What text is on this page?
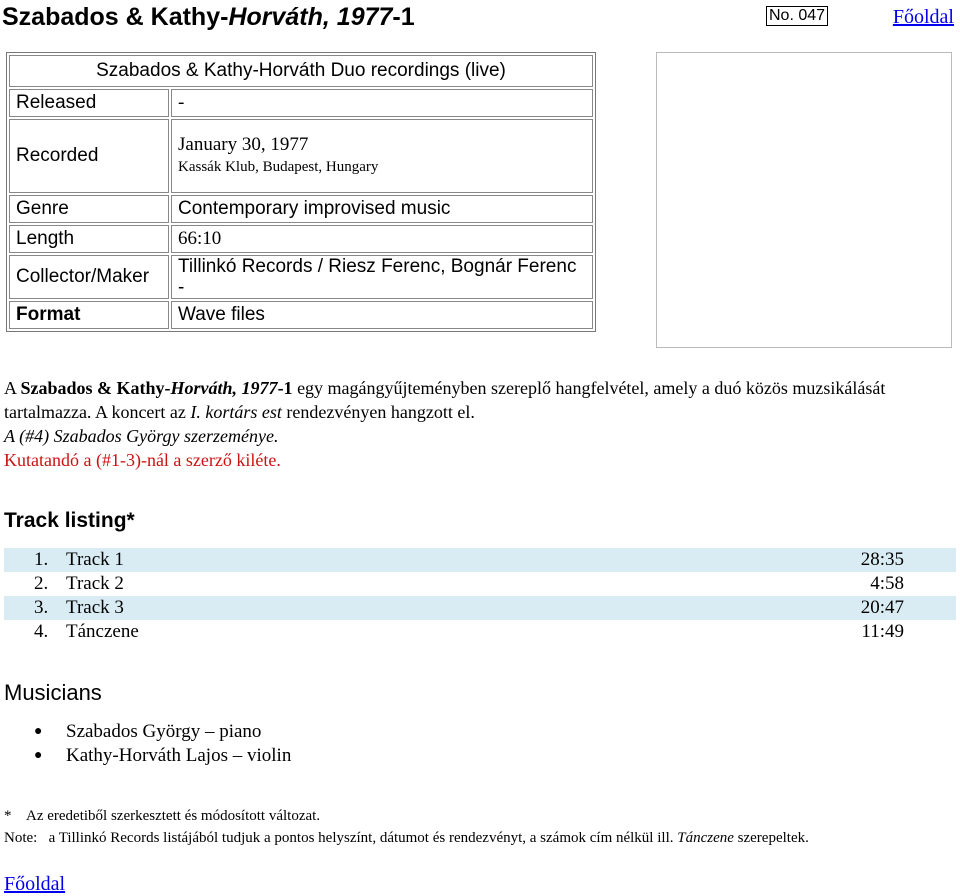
Szabados & Kathy-Horváth, 1977-1	No. 047	Főoldal
Szabados & Kathy-Horváth Duo recordings (live)	
Released	-
Recorded	January 30, 1977
Kassák Klub, Budapest, Hungary

Genre	Contemporary improvised music
Length	66:10
Collector/Maker	Tillinkó Records / Riesz Ferenc, Bognár Ferenc
-

Format	Wave files

A Szabados & Kathy-Horváth, 1977-1 egy magángyűjteményben szereplő hangfelvétel, amely a duó közös muzsikálását tartalmazza. A koncert az I. kortárs est rendezvényen hangzott el.

A (#4) Szabados György szerzeménye.

Kutatandó a (#1-3)-nál a szerző kiléte.

Track listing*
1. Track 1	28:35
2. Track 2	4:58
3. Track 3	20:47
4. Tánczene	11:49
Musicians
● Szabados György – piano
● Kathy-Horváth Lajos – violin
* Az eredetiből szerkesztett és módosított változat.
Note: a Tillinkó Records listájából tudjuk a pontos helyszínt, dátumot és rendezvényt, a számok cím nélkül ill. Tánczene szerepeltek.
Főoldal
